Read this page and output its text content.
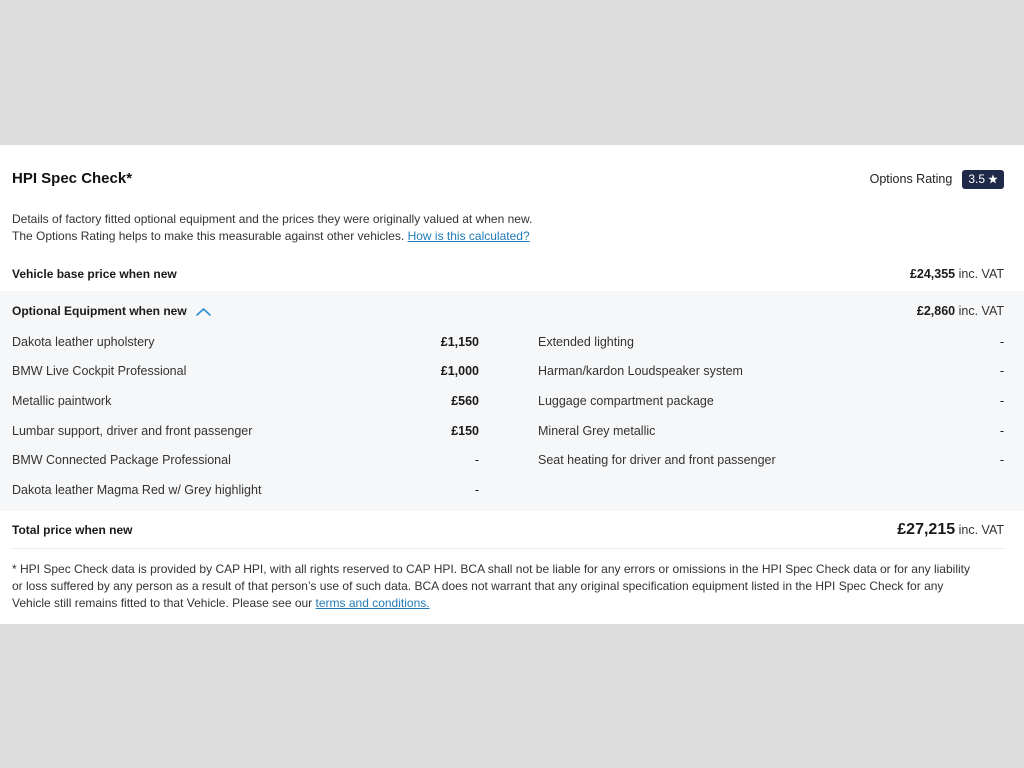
HPI Spec Check*	Options Rating 3.5
Details of factory fitted optional equipment and the prices they were originally valued at when new.
The Options Rating helps to make this measurable against other vehicles. How is this calculated?
Vehicle base price when new	£24,355 inc. VAT
Optional Equipment when new	£2,860 inc. VAT
Dakota leather upholstery	£1,150
BMW Live Cockpit Professional	£1,000
Metallic paintwork	£560
Lumbar support, driver and front passenger	£150
BMW Connected Package Professional	-
Dakota leather Magma Red w/ Grey highlight	-
Extended lighting	-
Harman/kardon Loudspeaker system	-
Luggage compartment package	-
Mineral Grey metallic	-
Seat heating for driver and front passenger	-
Total price when new	£27,215 inc. VAT

* HPI Spec Check data is provided by CAP HPI, with all rights reserved to CAP HPI. BCA shall not be liable for any errors or omissions in the HPI Spec Check data or for any liability or loss suffered by any person as a result of that person’s use of such data. BCA does not warrant that any original specification equipment listed in the HPI Spec Check for any Vehicle still remains fitted to that Vehicle. Please see our terms and conditions.
